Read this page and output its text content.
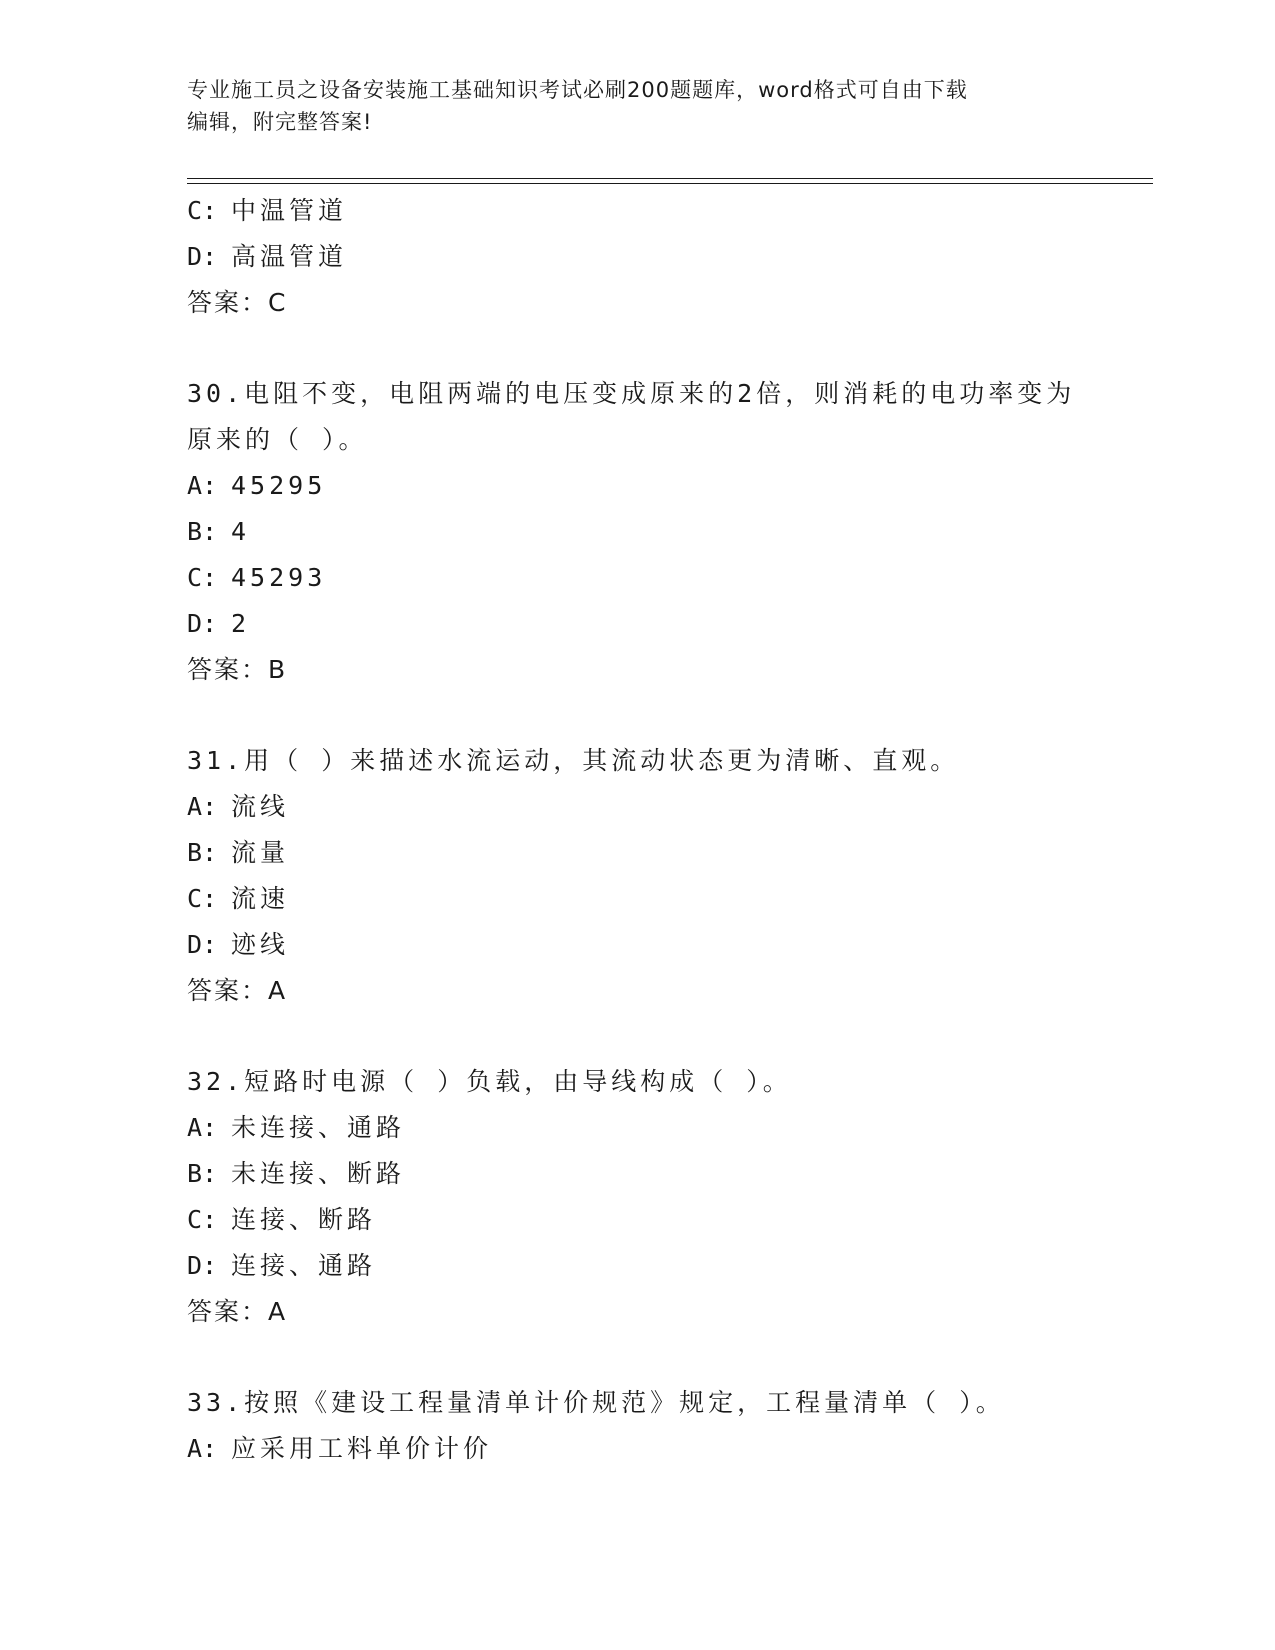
专业施工员之设备安装施工基础知识考试必刷200题题库，word格式可自由下载
编辑，附完整答案!
C: 中温管道
D: 高温管道
答案：C
30.电阻不变，电阻两端的电压变成原来的2倍，则消耗的电功率变为
原来的（ ）。
A: 45295
B: 4
C: 45293
D: 2
答案：B
31.用（ ）来描述水流运动，其流动状态更为清晰、直观。
A: 流线
B: 流量
C: 流速
D: 迹线
答案：A
32.短路时电源（ ）负载，由导线构成（ ）。
A: 未连接、通路
B: 未连接、断路
C: 连接、断路
D: 连接、通路
答案：A
33.按照《建设工程量清单计价规范》规定，工程量清单（ ）。
A: 应采用工料单价计价
